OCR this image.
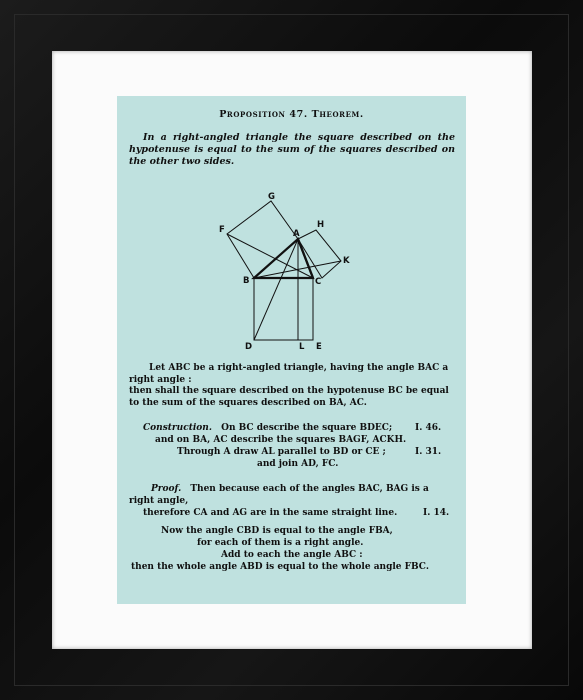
Proposition 47. Theorem.
In a right-angled triangle the square described on the hypotenuse is equal to the sum of the squares described on the other two sides.
F
G
A
H
K
B	C
D	L E
Let ABC be a right-angled triangle, having the angle BAC a right angle :
then shall the square described on the hypotenuse BC be equal to the sum of the squares described on BA, AC.
Construction. On BC describe the square BDEC;	I. 46.
and on BA, AC describe the squares BAGF, ACKH.
Through A draw AL parallel to BD or CE ;	I. 31.
and join AD, FC.
Proof. Then because each of the angles BAC, BAG is a
right angle,
therefore CA and AG are in the same straight line.	I. 14.
Now the angle CBD is equal to the angle FBA,
for each of them is a right angle.
Add to each the angle ABC :
then the whole angle ABD is equal to the whole angle FBC.
